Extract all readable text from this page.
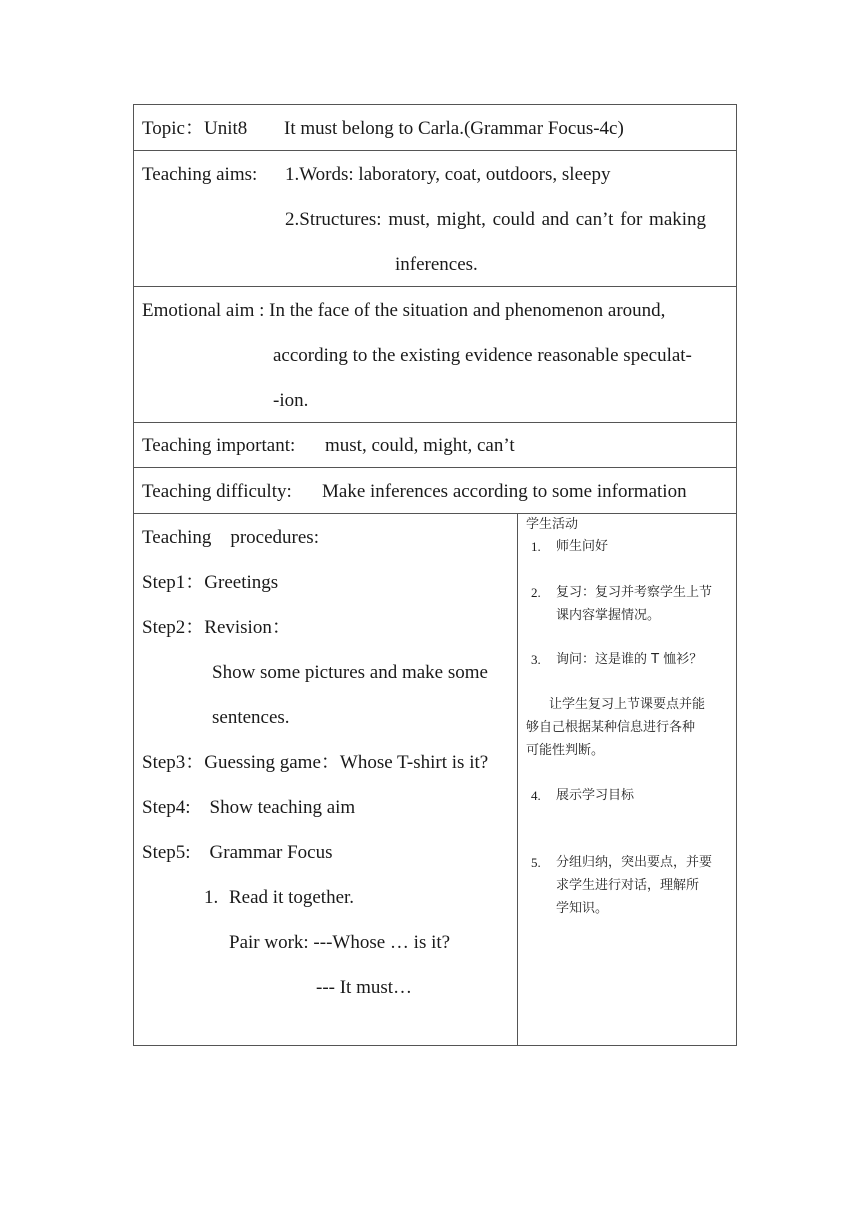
Topic：Unit8 It must belong to Carla.(Grammar Focus-4c)
Teaching aims: 1.Words: laboratory, coat, outdoors, sleepy
2.Structures: must, might, could and can’t for making
inferences.
Emotional aim : In the face of the situation and phenomenon around,
according to the existing evidence reasonable speculat-
-ion.
Teaching important: must, could, might, can’t
Teaching difficulty: Make inferences according to some information
Teaching    procedures:
Step1：Greetings
Step2：Revision：
Show some pictures and make some
sentences.
Step3：Guessing game：Whose T-shirt is it?
Step4:    Show teaching aim
Step5:    Grammar Focus
1. Read it together.
Pair work: ---Whose … is it?
--- It must…
学生活动
1. 师生问好
2. 复习：复习并考察学生上节
课内容掌握情况。
3. 询问：这是谁的 T 恤衫？
让学生复习上节课要点并能
够自己根据某种信息进行各种
可能性判断。
4. 展示学习目标
5. 分组归纳，突出要点，并要
求学生进行对话，理解所
学知识。
